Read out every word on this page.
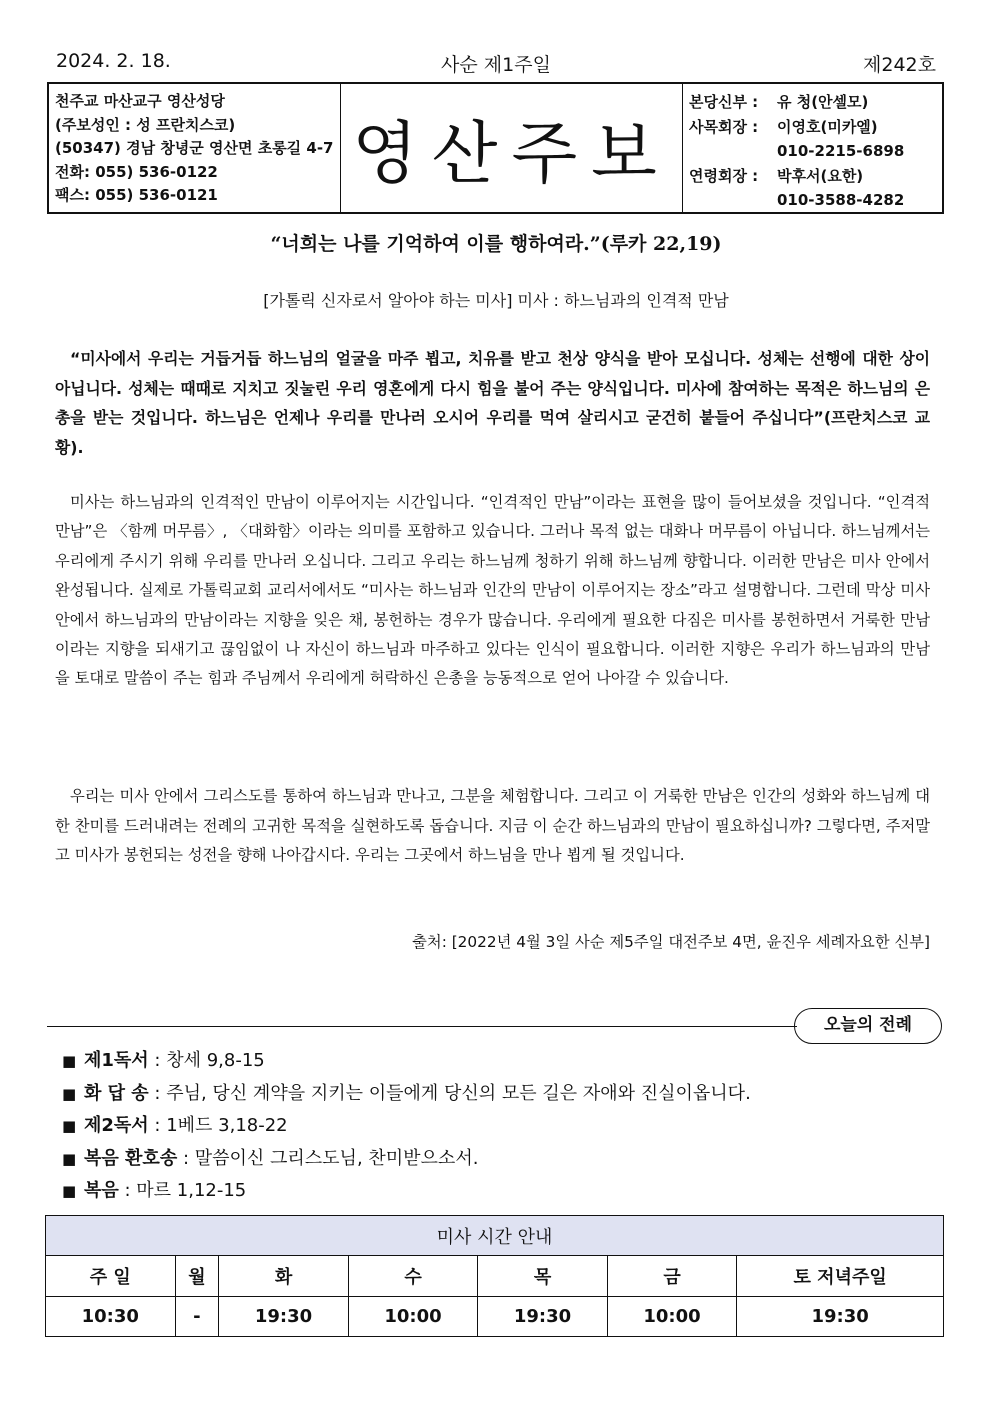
2024. 2. 18.	사순 제1주일	제242호
천주교 마산교구 영산성당
(주보성인 : 성 프란치스코)
(50347) 경남 창녕군 영산면 초롱길 4-7
전화: 055) 536-0122
팩스: 055) 536-0121
영산주보
본당신부 :	유 청(안셀모)
사목회장 :	이영호(미카엘)
010-2215-6898
연령회장 :	박후서(요한)
010-3588-4282
“너희는 나를 기억하여 이를 행하여라.”(루카 22,19)
[가톨릭 신자로서 알아야 하는 미사] 미사 : 하느님과의 인격적 만남
“미사에서 우리는 거듭거듭 하느님의 얼굴을 마주 뵙고, 치유를 받고 천상 양식을 받아 모십니다. 성체는 선행에 대한 상이 아닙니다. 성체는 때때로 지치고 짓눌린 우리 영혼에게 다시 힘을 불어 주는 양식입니다. 미사에 참여하는 목적은 하느님의 은총을 받는 것입니다. 하느님은 언제나 우리를 만나러 오시어 우리를 먹여 살리시고 굳건히 붙들어 주십니다”(프란치스코 교황).
미사는 하느님과의 인격적인 만남이 이루어지는 시간입니다. “인격적인 만남”이라는 표현을 많이 들어보셨을 것입니다. “인격적 만남”은 〈함께 머무름〉, 〈대화함〉이라는 의미를 포함하고 있습니다. 그러나 목적 없는 대화나 머무름이 아닙니다. 하느님께서는 우리에게 주시기 위해 우리를 만나러 오십니다. 그리고 우리는 하느님께 청하기 위해 하느님께 향합니다. 이러한 만남은 미사 안에서 완성됩니다. 실제로 가톨릭교회 교리서에서도 “미사는 하느님과 인간의 만남이 이루어지는 장소”라고 설명합니다. 그런데 막상 미사 안에서 하느님과의 만남이라는 지향을 잊은 채, 봉헌하는 경우가 많습니다. 우리에게 필요한 다짐은 미사를 봉헌하면서 거룩한 만남이라는 지향을 되새기고 끊임없이 나 자신이 하느님과 마주하고 있다는 인식이 필요합니다. 이러한 지향은 우리가 하느님과의 만남을 토대로 말씀이 주는 힘과 주님께서 우리에게 허락하신 은총을 능동적으로 얻어 나아갈 수 있습니다.
우리는 미사 안에서 그리스도를 통하여 하느님과 만나고, 그분을 체험합니다. 그리고 이 거룩한 만남은 인간의 성화와 하느님께 대한 찬미를 드러내려는 전례의 고귀한 목적을 실현하도록 돕습니다. 지금 이 순간 하느님과의 만남이 필요하십니까? 그렇다면, 주저말고 미사가 봉헌되는 성전을 향해 나아갑시다. 우리는 그곳에서 하느님을 만나 뵙게 될 것입니다.
출처: [2022년 4월 3일 사순 제5주일 대전주보 4면, 윤진우 세례자요한 신부]
오늘의 전례
■ 제1독서 : 창세 9,8-15
■ 화 답 송 : 주님, 당신 계약을 지키는 이들에게 당신의 모든 길은 자애와 진실이옵니다.
■ 제2독서 : 1베드 3,18-22
■ 복음 환호송 : 말씀이신 그리스도님, 찬미받으소서.
■ 복음 : 마르 1,12-15
미사 시간 안내						
주 일	월	화	수	목	금	토 저녁주일
10:30	-	19:30	10:00	19:30	10:00	19:30
